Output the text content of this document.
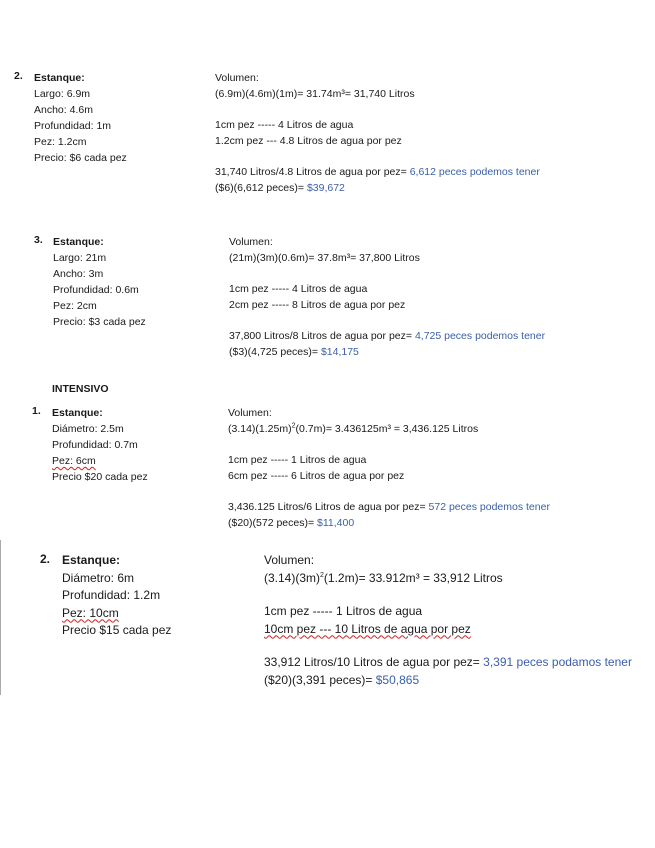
2. Estanque:
Largo: 6.9m
Ancho: 4.6m
Profundidad: 1m
Pez: 1.2cm
Precio: $6 cada pez
Volumen:
(6.9m)(4.6m)(1m)= 31.74m³= 31,740 Litros
1cm pez ----- 4 Litros de agua
1.2cm pez --- 4.8 Litros de agua por pez
31,740 Litros/4.8 Litros de agua por pez= 6,612 peces podemos tener
($6)(6,612 peces)= $39,672
3. Estanque:
Largo: 21m
Ancho: 3m
Profundidad: 0.6m
Pez: 2cm
Precio: $3 cada pez
Volumen:
(21m)(3m)(0.6m)= 37.8m³= 37,800 Litros
1cm pez ----- 4 Litros de agua
2cm pez ----- 8 Litros de agua por pez
37,800 Litros/8 Litros de agua por pez= 4,725 peces podemos tener
($3)(4,725 peces)= $14,175
INTENSIVO
1. Estanque:
Diámetro: 2.5m
Profundidad: 0.7m
Pez: 6cm
Precio $20 cada pez
Volumen:
$(3.14)(1.25m)^2(0.7m)= 3.436125m^3 = 3,436.125$ Litros
1cm pez ----- 1 Litros de agua
6cm pez ----- 6 Litros de agua por pez
3,436.125 Litros/6 Litros de agua por pez= 572 peces podemos tener
($20)(572 peces)= $11,400
2. Estanque:
Diámetro: 6m
Profundidad: 1.2m
Pez: 10cm
Precio $15 cada pez
Volumen:
$(3.14)(3m)^2(1.2m)= 33.912m^3 = 33,912$ Litros
1cm pez ----- 1 Litros de agua
10cm pez --- 10 Litros de agua por pez
33,912 Litros/10 Litros de agua por pez= 3,391 peces podamos tener
($20)(3,391 peces)= $50,865
